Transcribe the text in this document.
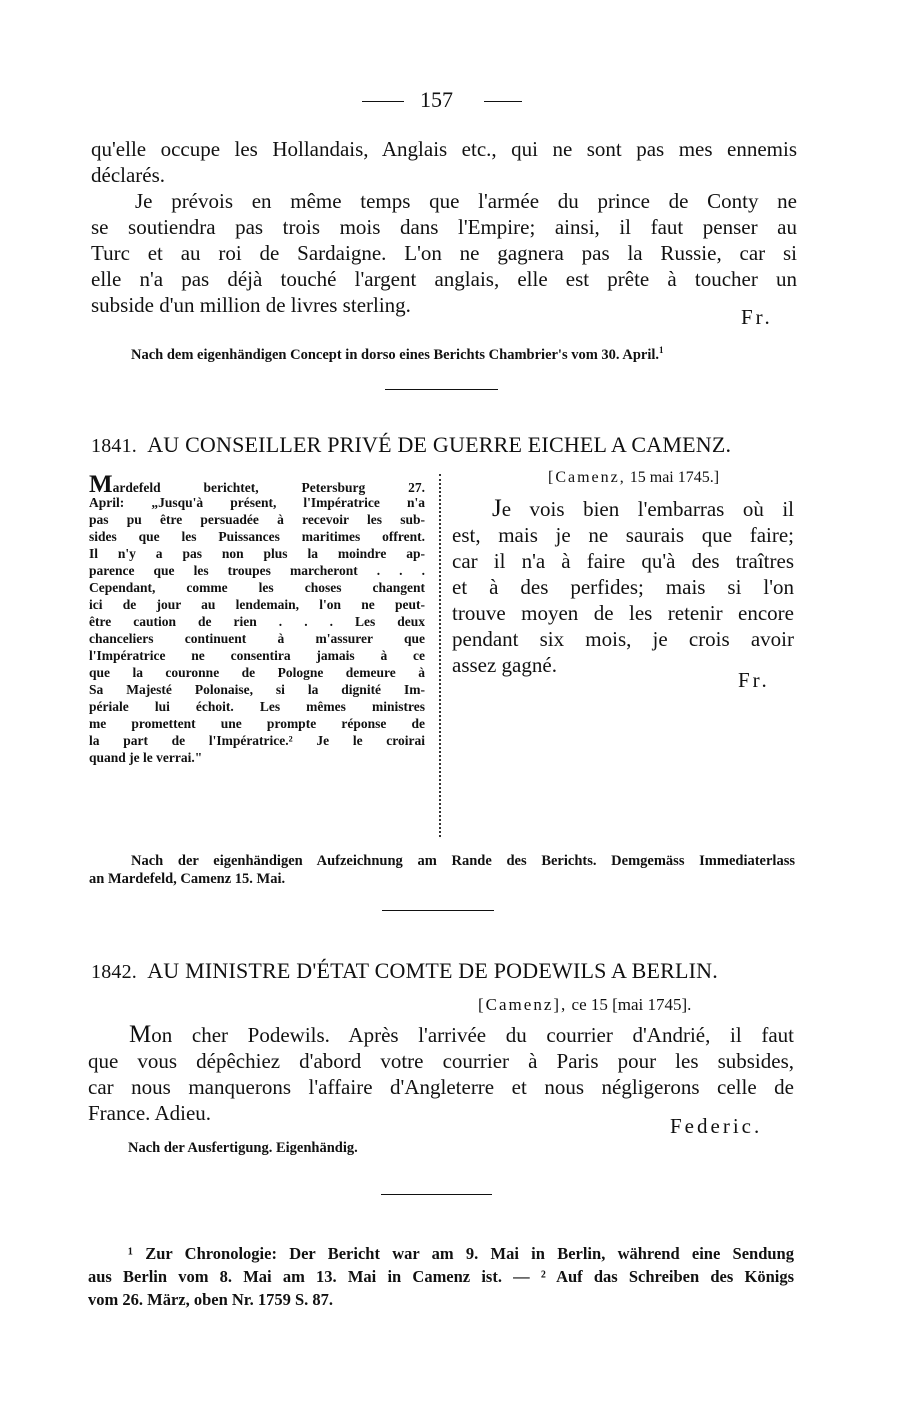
157
qu'elle occupe les Hollandais, Anglais etc., qui ne sont pas mes ennemis
déclarés.
Je prévois en même temps que l'armée du prince de Conty ne
se soutiendra pas trois mois dans l'Empire; ainsi, il faut penser au
Turc et au roi de Sardaigne. L'on ne gagnera pas la Russie, car si
elle n'a pas déjà touché l'argent anglais, elle est prête à toucher un
subside d'un million de livres sterling.	Fr.
Nach dem eigenhändigen Concept in dorso eines Berichts Chambrier's vom 30. April.$^1$
1841. AU CONSEILLER PRIVÉ DE GUERRE EICHEL A CAMENZ.
Mardefeld berichtet, Petersburg 27.
April: „Jusqu'à présent, l'Impératrice n'a
pas pu être persuadée à recevoir les sub-
sides que les Puissances maritimes offrent.
Il n'y a pas non plus la moindre ap-
parence que les troupes marcheront . . .
Cependant, comme les choses changent
ici de jour au lendemain, l'on ne peut-
être caution de rien . . . Les deux
chanceliers continuent à m'assurer que
l'Impératrice ne consentira jamais à ce
que la couronne de Pologne demeure à
Sa Majesté Polonaise, si la dignité Im-
périale lui échoit. Les mêmes ministres
me promettent une prompte réponse de
la part de l'Impératrice.² Je le croirai
quand je le verrai."
[Camenz, 15 mai 1745.]
Je vois bien l'embarras où il
est, mais je ne saurais que faire;
car il n'a à faire qu'à des traîtres
et à des perfides; mais si l'on
trouve moyen de les retenir encore
pendant six mois, je crois avoir
assez gagné.
Fr.
Nach der eigenhändigen Aufzeichnung am Rande des Berichts. Demgemäss Immediaterlass
an Mardefeld, Camenz 15. Mai.
1842. AU MINISTRE D'ÉTAT COMTE DE PODEWILS A BERLIN.
[Camenz], ce 15 [mai 1745].
Mon cher Podewils. Après l'arrivée du courrier d'Andrié, il faut
que vous dépêchiez d'abord votre courrier à Paris pour les subsides,
car nous manquerons l'affaire d'Angleterre et nous négligerons celle de
France. Adieu.
Federic.
Nach der Ausfertigung. Eigenhändig.
¹ Zur Chronologie: Der Bericht war am 9. Mai in Berlin, während eine Sendung
aus Berlin vom 8. Mai am 13. Mai in Camenz ist. — ² Auf das Schreiben des Königs
vom 26. März, oben Nr. 1759 S. 87.
